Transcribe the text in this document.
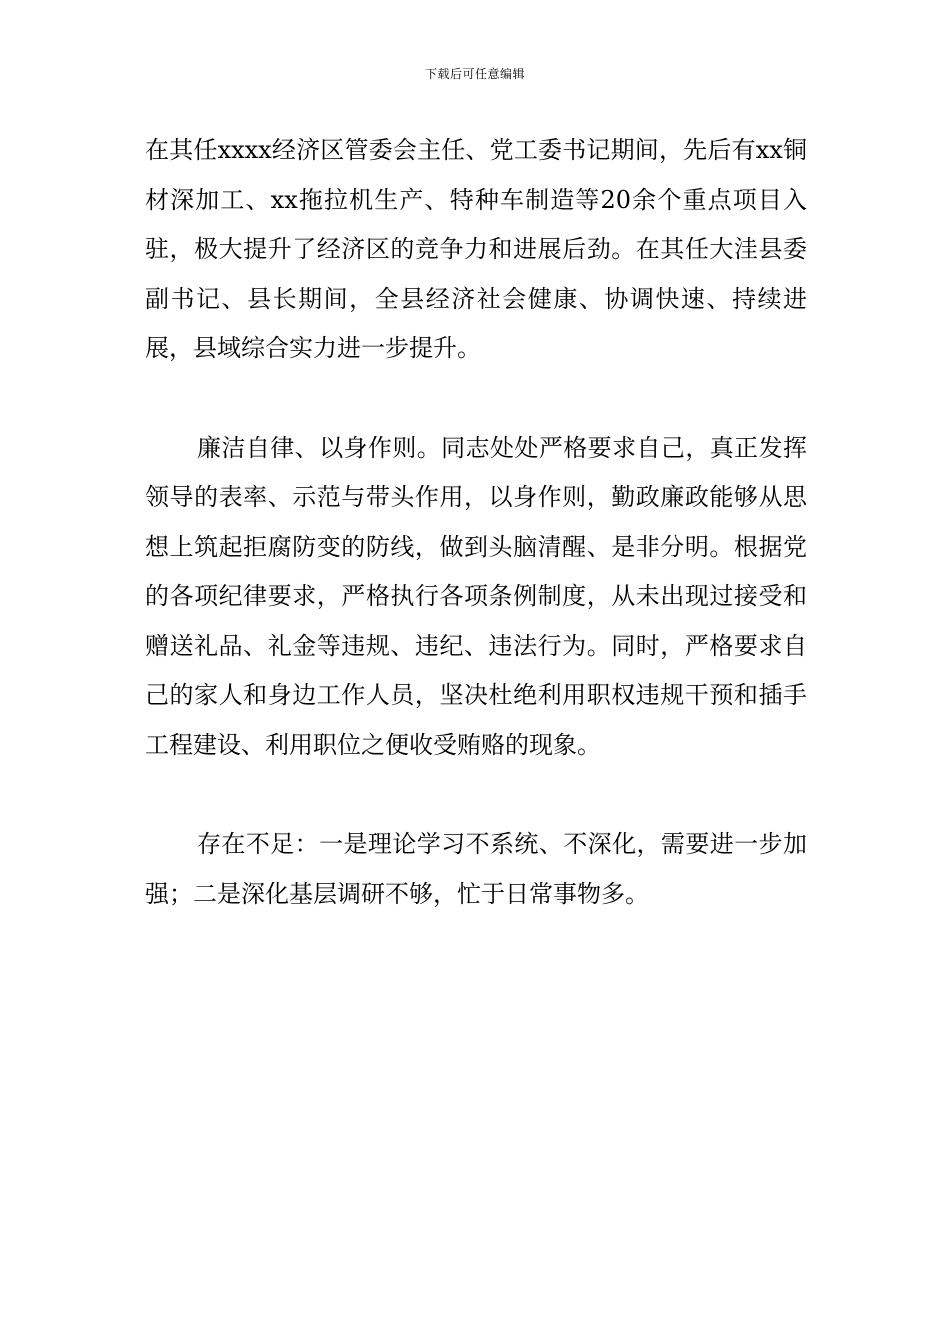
下载后可任意编辑

在其任xxxx经济区管委会主任、党工委书记期间，先后有xx铜材深加工、xx拖拉机生产、特种车制造等20余个重点项目入驻，极大提升了经济区的竞争力和进展后劲。在其任大洼县委副书记、县长期间，全县经济社会健康、协调快速、持续进展，县域综合实力进一步提升。

廉洁自律、以身作则。同志处处严格要求自己，真正发挥领导的表率、示范与带头作用，以身作则，勤政廉政能够从思想上筑起拒腐防变的防线，做到头脑清醒、是非分明。根据党的各项纪律要求，严格执行各项条例制度，从未出现过接受和赠送礼品、礼金等违规、违纪、违法行为。同时，严格要求自己的家人和身边工作人员，坚决杜绝利用职权违规干预和插手工程建设、利用职位之便收受贿赂的现象。

存在不足：一是理论学习不系统、不深化，需要进一步加强；二是深化基层调研不够，忙于日常事物多。
